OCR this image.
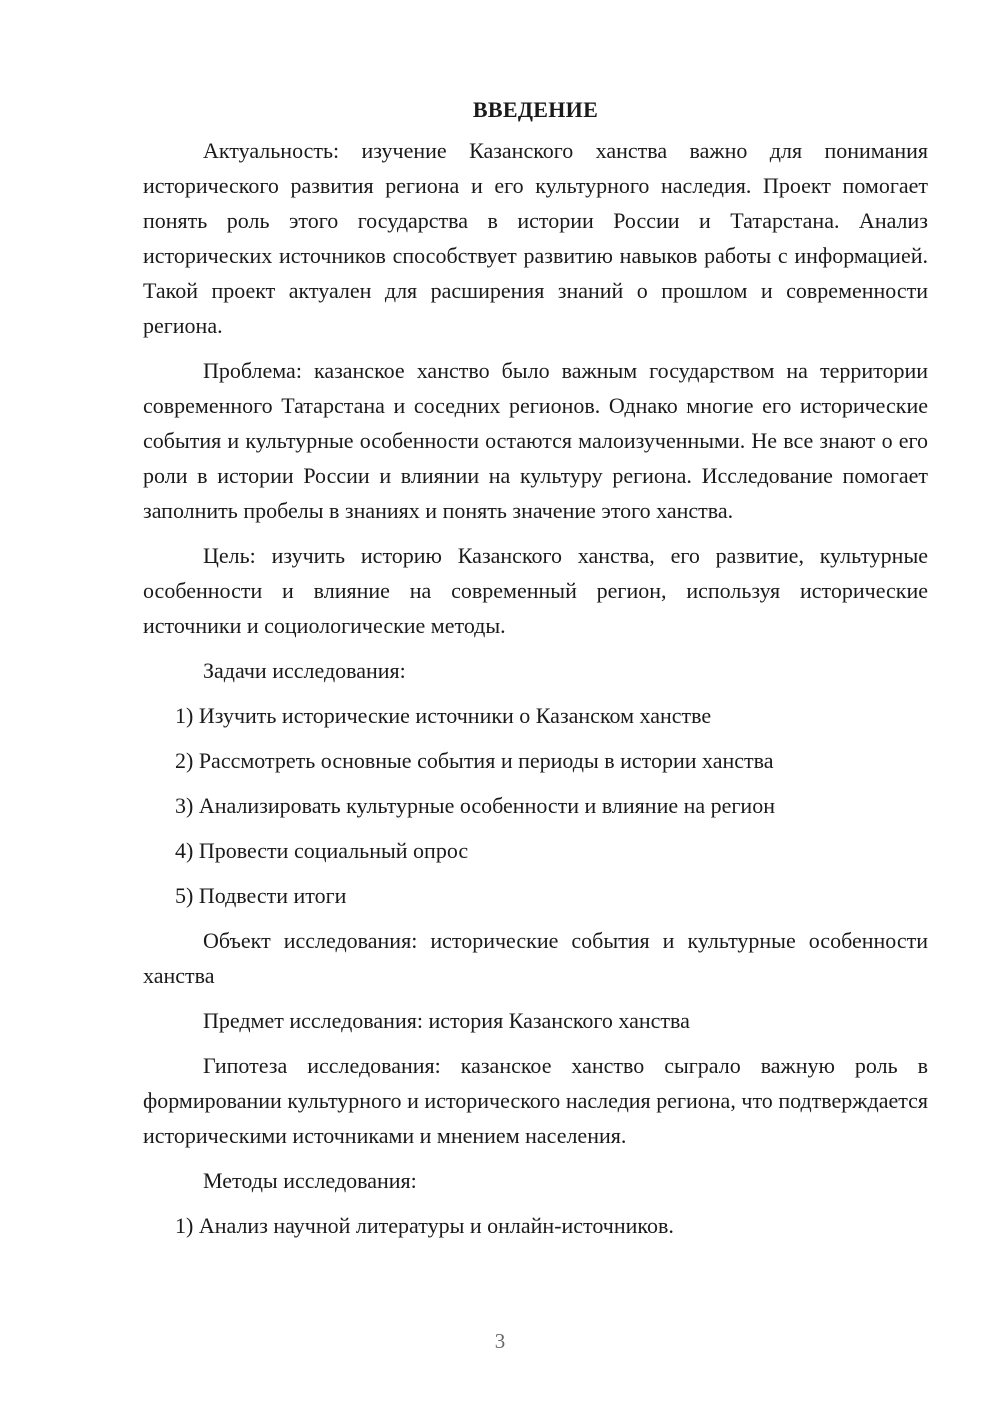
ВВЕДЕНИЕ

Актуальность: изучение Казанского ханства важно для понимания исторического развития региона и его культурного наследия. Проект помогает понять роль этого государства в истории России и Татарстана. Анализ исторических источников способствует развитию навыков работы с информацией. Такой проект актуален для расширения знаний о прошлом и современности региона.

Проблема: казанское ханство было важным государством на территории современного Татарстана и соседних регионов. Однако многие его исторические события и культурные особенности остаются малоизученными. Не все знают о его роли в истории России и влиянии на культуру региона. Исследование помогает заполнить пробелы в знаниях и понять значение этого ханства.

Цель: изучить историю Казанского ханства, его развитие, культурные особенности и влияние на современный регион, используя исторические источники и социологические методы.

Задачи исследования:
1) Изучить исторические источники о Казанском ханстве
2) Рассмотреть основные события и периоды в истории ханства
3) Анализировать культурные особенности и влияние на регион
4) Провести социальный опрос
5) Подвести итоги

Объект исследования: исторические события и культурные особенности ханства

Предмет исследования: история Казанского ханства

Гипотеза исследования: казанское ханство сыграло важную роль в формировании культурного и исторического наследия региона, что подтверждается историческими источниками и мнением населения.

Методы исследования:
1) Анализ научной литературы и онлайн-источников.
3
